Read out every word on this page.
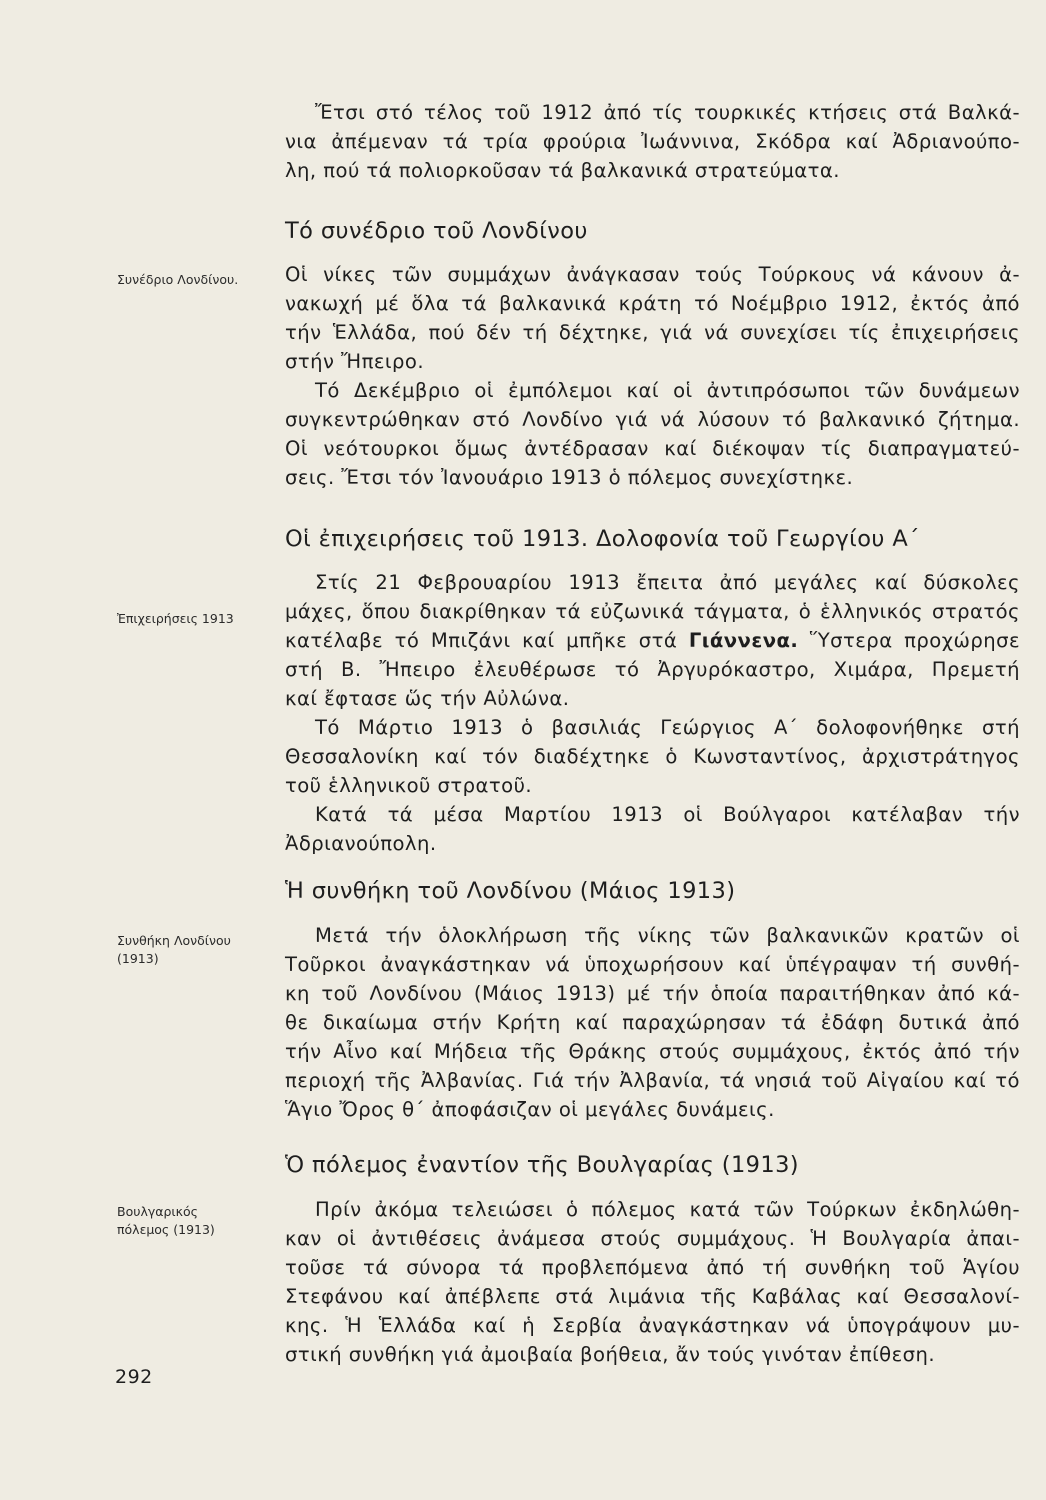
Ἔτσι στό τέλος τοῦ 1912 ἀπό τίς τουρκικές κτήσεις στά Βαλκά-
νια ἀπέμεναν τά τρία φρούρια Ἰωάννινα, Σκόδρα καί Ἀδριανούπο-
λη, πού τά πολιορκοῦσαν τά βαλκανικά στρατεύματα.

Τό συνέδριο τοῦ Λονδίνου
Συνέδριο Λονδίνου.	Οἱ νίκες τῶν συμμάχων ἀνάγκασαν τούς Τούρκους νά κάνουν ἀ-
νακωχή μέ ὅλα τά βαλκανικά κράτη τό Νοέμβριο 1912, ἐκτός ἀπό
τήν Ἑλλάδα, πού δέν τή δέχτηκε, γιά νά συνεχίσει τίς ἐπιχειρήσεις
στήν Ἤπειρο.
Τό Δεκέμβριο οἱ ἐμπόλεμοι καί οἱ ἀντιπρόσωποι τῶν δυνάμεων
συγκεντρώθηκαν στό Λονδίνο γιά νά λύσουν τό βαλκανικό ζήτημα.
Οἱ νεότουρκοι ὅμως ἀντέδρασαν καί διέκοψαν τίς διαπραγματεύ-
σεις. Ἔτσι τόν Ἰανουάριο 1913 ὁ πόλεμος συνεχίστηκε.

Οἱ ἐπιχειρήσεις τοῦ 1913. Δολοφονία τοῦ Γεωργίου Α΄
Ἐπιχειρήσεις 1913

Στίς 21 Φεβρουαρίου 1913 ἔπειτα ἀπό μεγάλες καί δύσκολες
μάχες, ὅπου διακρίθηκαν τά εὐζωνικά τάγματα, ὁ ἑλληνικός στρατός
κατέλαβε τό Μπιζάνι καί μπῆκε στά Γιάννενα. Ὕστερα προχώρησε
στή Β. Ἤπειρο ἐλευθέρωσε τό Ἀργυρόκαστρο, Χιμάρα, Πρεμετή
καί ἔφτασε ὥς τήν Αὐλώνα.
Τό Μάρτιο 1913 ὁ βασιλιάς Γεώργιος Α΄ δολοφονήθηκε στή
Θεσσαλονίκη καί τόν διαδέχτηκε ὁ Κωνσταντίνος, ἀρχιστράτηγος
τοῦ ἑλληνικοῦ στρατοῦ.
Κατά τά μέσα Μαρτίου 1913 οἱ Βούλγαροι κατέλαβαν τήν
Ἀδριανούπολη.

Ἡ συνθήκη τοῦ Λονδίνου (Μάιος 1913)
Συνθήκη Λονδίνου
(1913)

Μετά τήν ὁλοκλήρωση τῆς νίκης τῶν βαλκανικῶν κρατῶν οἱ
Τοῦρκοι ἀναγκάστηκαν νά ὑποχωρήσουν καί ὑπέγραψαν τή συνθή-
κη τοῦ Λονδίνου (Μάιος 1913) μέ τήν ὁποία παραιτήθηκαν ἀπό κά-
θε δικαίωμα στήν Κρήτη καί παραχώρησαν τά ἐδάφη δυτικά ἀπό
τήν Αἶνο καί Μήδεια τῆς Θράκης στούς συμμάχους, ἐκτός ἀπό τήν
περιοχή τῆς Ἀλβανίας. Γιά τήν Ἀλβανία, τά νησιά τοῦ Αἰγαίου καί τό
Ἅγιο Ὄρος θ΄ ἀποφάσιζαν οἱ μεγάλες δυνάμεις.

Ὁ πόλεμος ἐναντίον τῆς Βουλγαρίας (1913)
Βουλγαρικός
πόλεμος (1913)

Πρίν ἀκόμα τελειώσει ὁ πόλεμος κατά τῶν Τούρκων ἐκδηλώθη-
καν οἱ ἀντιθέσεις ἀνάμεσα στούς συμμάχους. Ἡ Βουλγαρία ἀπαι-
τοῦσε τά σύνορα τά προβλεπόμενα ἀπό τή συνθήκη τοῦ Ἁγίου
Στεφάνου καί ἀπέβλεπε στά λιμάνια τῆς Καβάλας καί Θεσσαλονί-
κης. Ἡ Ἑλλάδα καί ἡ Σερβία ἀναγκάστηκαν νά ὑπογράψουν μυ-
στική συνθήκη γιά ἀμοιβαία βοήθεια, ἄν τούς γινόταν ἐπίθεση.

292
